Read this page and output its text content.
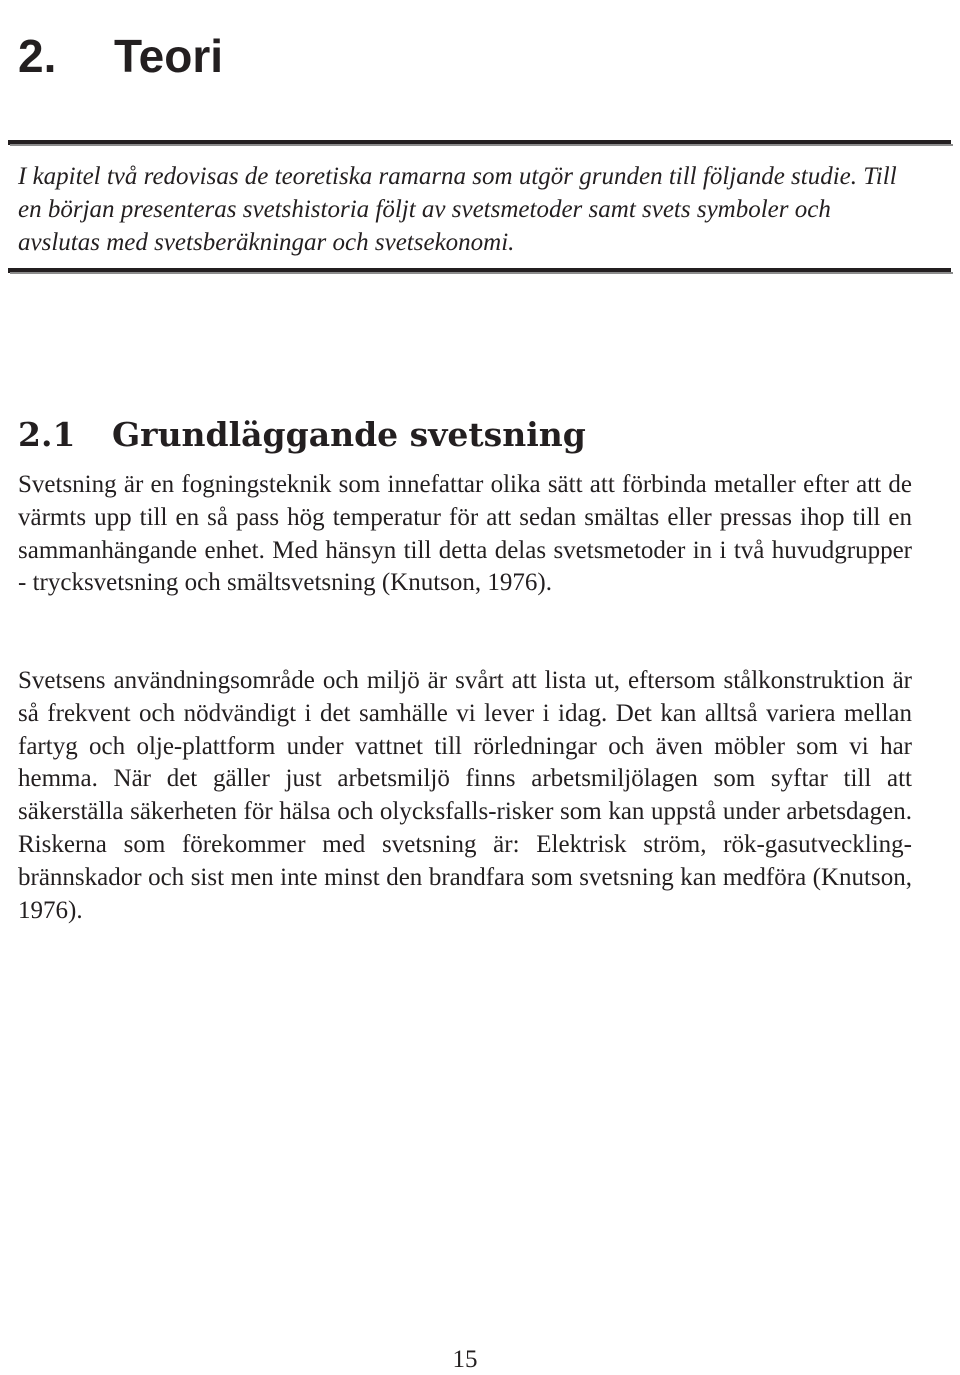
2. Teori

I kapitel två redovisas de teoretiska ramarna som utgör grunden till följande studie. Till en början presenteras svetshistoria följt av svetsmetoder samt svets symboler och avslutas med svetsberäkningar och svetsekonomi.

2.1 Grundläggande svetsning

Svetsning är en fogningsteknik som innefattar olika sätt att förbinda metaller efter att de värmts upp till en så pass hög temperatur för att sedan smältas eller pressas ihop till en sammanhängande enhet. Med hänsyn till detta delas svetsmetoder in i två huvudgrupper - trycksvetsning och smältsvetsning (Knutson, 1976).

Svetsens användningsområde och miljö är svårt att lista ut, eftersom stålkonstruktion är så frekvent och nödvändigt i det samhälle vi lever i idag. Det kan alltså variera mellan fartyg och olje-plattform under vattnet till rörledningar och även möbler som vi har hemma. När det gäller just arbetsmiljö finns arbetsmiljölagen som syftar till att säkerställa säkerheten för hälsa och olycksfalls-risker som kan uppstå under arbetsdagen. Riskerna som förekommer med svetsning är: Elektrisk ström, rök-gasutveckling- brännskador och sist men inte minst den brandfara som svetsning kan medföra (Knutson, 1976).

15
